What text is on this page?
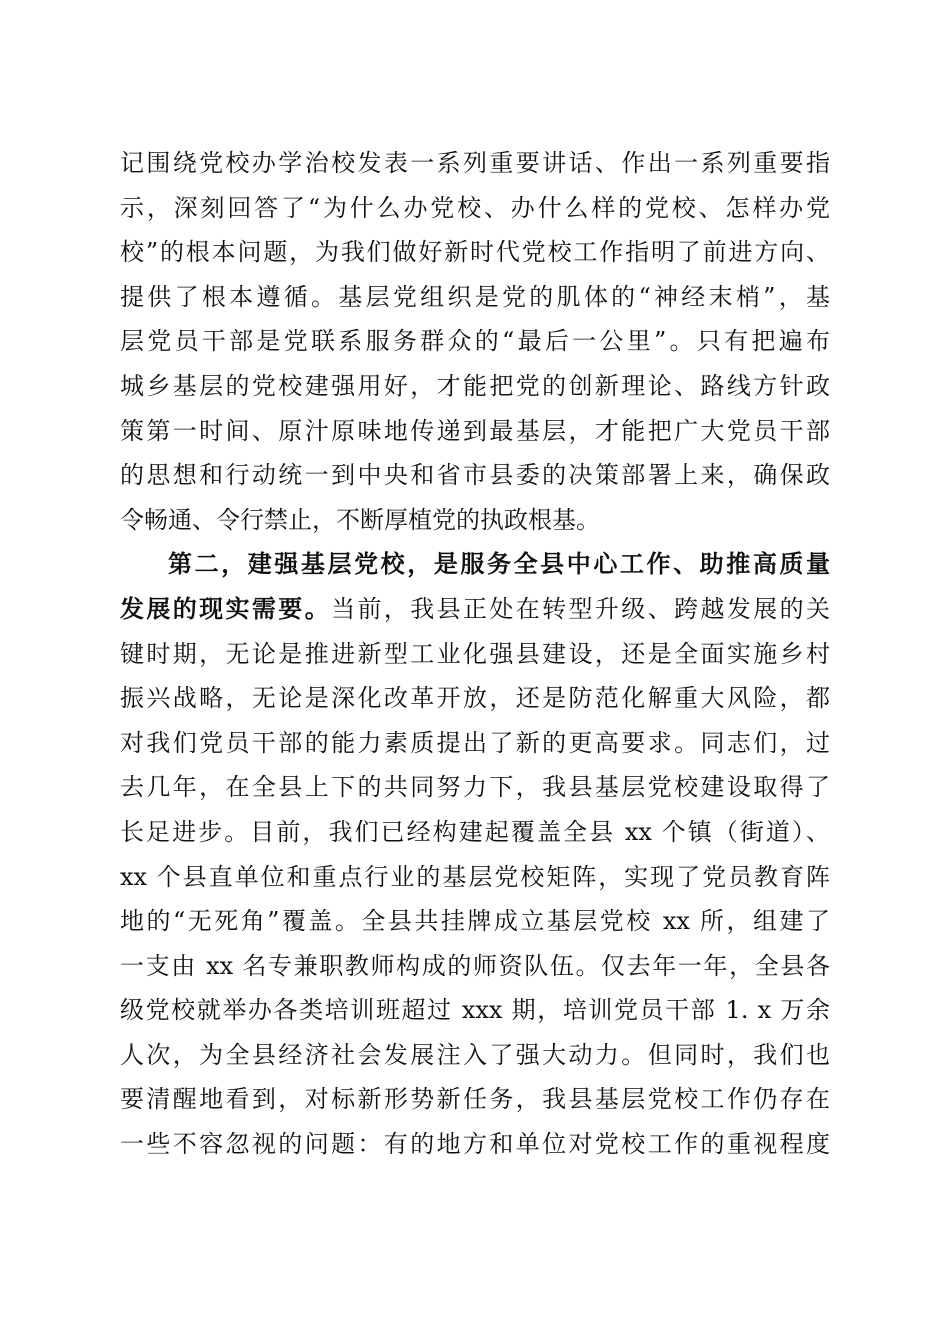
记围绕党校办学治校发表一系列重要讲话、作出一系列重要指
示，深刻回答了“为什么办党校、办什么样的党校、怎样办党
校”的根本问题，为我们做好新时代党校工作指明了前进方向、
提供了根本遵循。基层党组织是党的肌体的“神经末梢”，基
层党员干部是党联系服务群众的“最后一公里”。只有把遍布
城乡基层的党校建强用好，才能把党的创新理论、路线方针政
策第一时间、原汁原味地传递到最基层，才能把广大党员干部
的思想和行动统一到中央和省市县委的决策部署上来，确保政
令畅通、令行禁止，不断厚植党的执政根基。
第二，建强基层党校，是服务全县中心工作、助推高质量
发展的现实需要。当前，我县正处在转型升级、跨越发展的关
键时期，无论是推进新型工业化强县建设，还是全面实施乡村
振兴战略，无论是深化改革开放，还是防范化解重大风险，都
对我们党员干部的能力素质提出了新的更高要求。同志们，过
去几年，在全县上下的共同努力下，我县基层党校建设取得了
长足进步。目前，我们已经构建起覆盖全县 xx 个镇（街道）、
xx 个县直单位和重点行业的基层党校矩阵，实现了党员教育阵
地的“无死角”覆盖。全县共挂牌成立基层党校 xx 所，组建了
一支由 xx 名专兼职教师构成的师资队伍。仅去年一年，全县各
级党校就举办各类培训班超过 xxx 期，培训党员干部 1. x 万余
人次，为全县经济社会发展注入了强大动力。但同时，我们也
要清醒地看到，对标新形势新任务，我县基层党校工作仍存在
一些不容忽视的问题：有的地方和单位对党校工作的重视程度
